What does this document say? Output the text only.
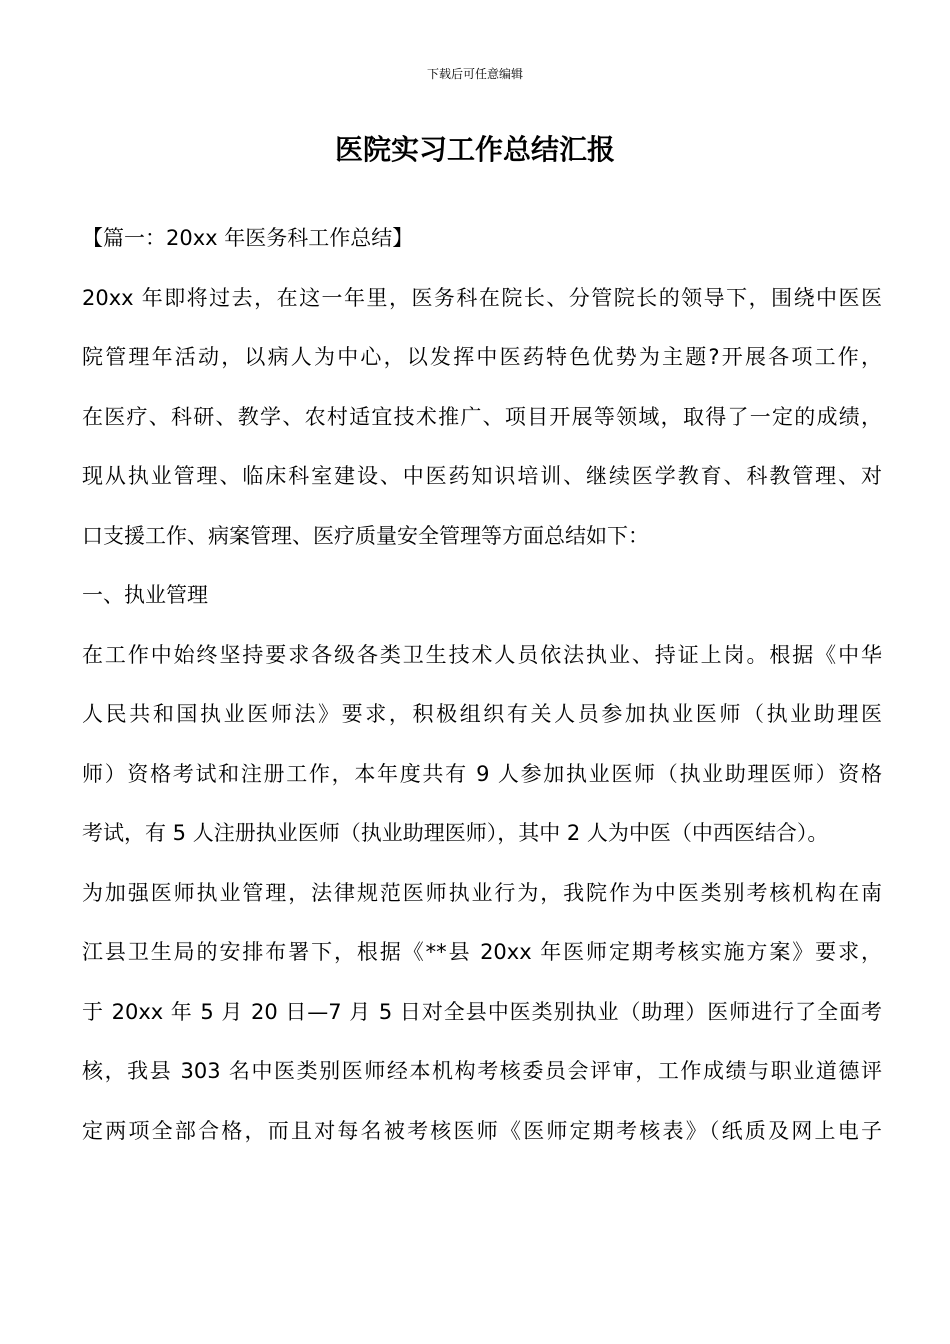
下载后可任意编辑
医院实习工作总结汇报

【篇一：20xx 年医务科工作总结】

20xx 年即将过去，在这一年里，医务科在院长、分管院长的领导下，围绕中医医
院管理年活动，以病人为中心，以发挥中医药特色优势为主题?开展各项工作，
在医疗、科研、教学、农村适宜技术推广、项目开展等领域，取得了一定的成绩，
现从执业管理、临床科室建设、中医药知识培训、继续医学教育、科教管理、对
口支援工作、病案管理、医疗质量安全管理等方面总结如下：

一、执业管理

在工作中始终坚持要求各级各类卫生技术人员依法执业、持证上岗。根据《中华
人民共和国执业医师法》要求，积极组织有关人员参加执业医师（执业助理医
师）资格考试和注册工作，本年度共有 9 人参加执业医师（执业助理医师）资格
考试，有 5 人注册执业医师（执业助理医师），其中 2 人为中医（中西医结合）。

为加强医师执业管理，法律规范医师执业行为，我院作为中医类别考核机构在南
江县卫生局的安排布署下，根据《**县 20xx 年医师定期考核实施方案》要求，
于 20xx 年 5 月 20 日—7 月 5 日对全县中医类别执业（助理）医师进行了全面考
核，我县 303 名中医类别医师经本机构考核委员会评审，工作成绩与职业道德评
定两项全部合格，而且对每名被考核医师《医师定期考核表》（纸质及网上电子
